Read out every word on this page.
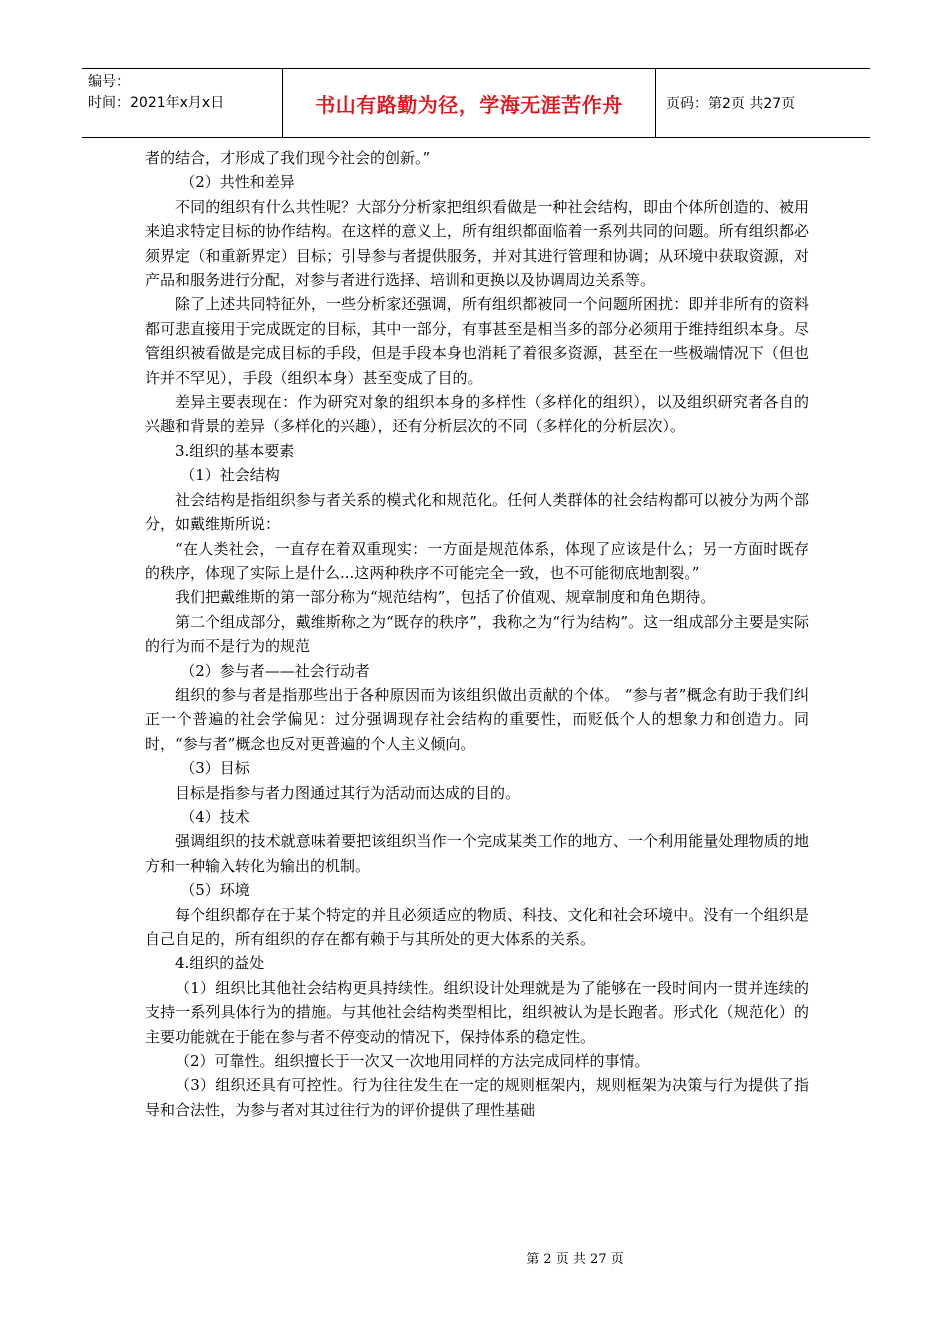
编号：
时间：2021年x月x日	书山有路勤为径，学海无涯苦作舟	页码：第2页 共27页

者的结合，才形成了我们现今社会的创新。”

（2）共性和差异

不同的组织有什么共性呢？大部分分析家把组织看做是一种社会结构，即由个体所创造的、被用来追求特定目标的协作结构。在这样的意义上，所有组织都面临着一系列共同的问题。所有组织都必须界定（和重新界定）目标；引导参与者提供服务，并对其进行管理和协调；从环境中获取资源，对产品和服务进行分配，对参与者进行选择、培训和更换以及协调周边关系等。

除了上述共同特征外，一些分析家还强调，所有组织都被同一个问题所困扰：即并非所有的资料都可悲直接用于完成既定的目标，其中一部分，有事甚至是相当多的部分必须用于维持组织本身。尽管组织被看做是完成目标的手段，但是手段本身也消耗了着很多资源，甚至在一些极端情况下（但也许并不罕见），手段（组织本身）甚至变成了目的。

差异主要表现在：作为研究对象的组织本身的多样性（多样化的组织），以及组织研究者各自的兴趣和背景的差异（多样化的兴趣），还有分析层次的不同（多样化的分析层次）。

3.组织的基本要素

（1）社会结构

社会结构是指组织参与者关系的模式化和规范化。任何人类群体的社会结构都可以被分为两个部分，如戴维斯所说：

“在人类社会，一直存在着双重现实：一方面是规范体系，体现了应该是什么；另一方面时既存的秩序，体现了实际上是什么...这两种秩序不可能完全一致，也不可能彻底地割裂。”

我们把戴维斯的第一部分称为“规范结构”，包括了价值观、规章制度和角色期待。

第二个组成部分，戴维斯称之为“既存的秩序”，我称之为“行为结构”。这一组成部分主要是实际的行为而不是行为的规范

（2）参与者——社会行动者

组织的参与者是指那些出于各种原因而为该组织做出贡献的个体。 “参与者”概念有助于我们纠正一个普遍的社会学偏见：过分强调现存社会结构的重要性，而贬低个人的想象力和创造力。同时，“参与者”概念也反对更普遍的个人主义倾向。

（3）目标

目标是指参与者力图通过其行为活动而达成的目的。

（4）技术

强调组织的技术就意味着要把该组织当作一个完成某类工作的地方、一个利用能量处理物质的地方和一种输入转化为输出的机制。

（5）环境

每个组织都存在于某个特定的并且必须适应的物质、科技、文化和社会环境中。没有一个组织是自己自足的，所有组织的存在都有赖于与其所处的更大体系的关系。

4.组织的益处

（1）组织比其他社会结构更具持续性。组织设计处理就是为了能够在一段时间内一贯并连续的支持一系列具体行为的措施。与其他社会结构类型相比，组织被认为是长跑者。形式化（规范化）的主要功能就在于能在参与者不停变动的情况下，保持体系的稳定性。

（2）可靠性。组织擅长于一次又一次地用同样的方法完成同样的事情。

（3）组织还具有可控性。行为往往发生在一定的规则框架内，规则框架为决策与行为提供了指导和合法性，为参与者对其过往行为的评价提供了理性基础

第 2 页 共 27 页
